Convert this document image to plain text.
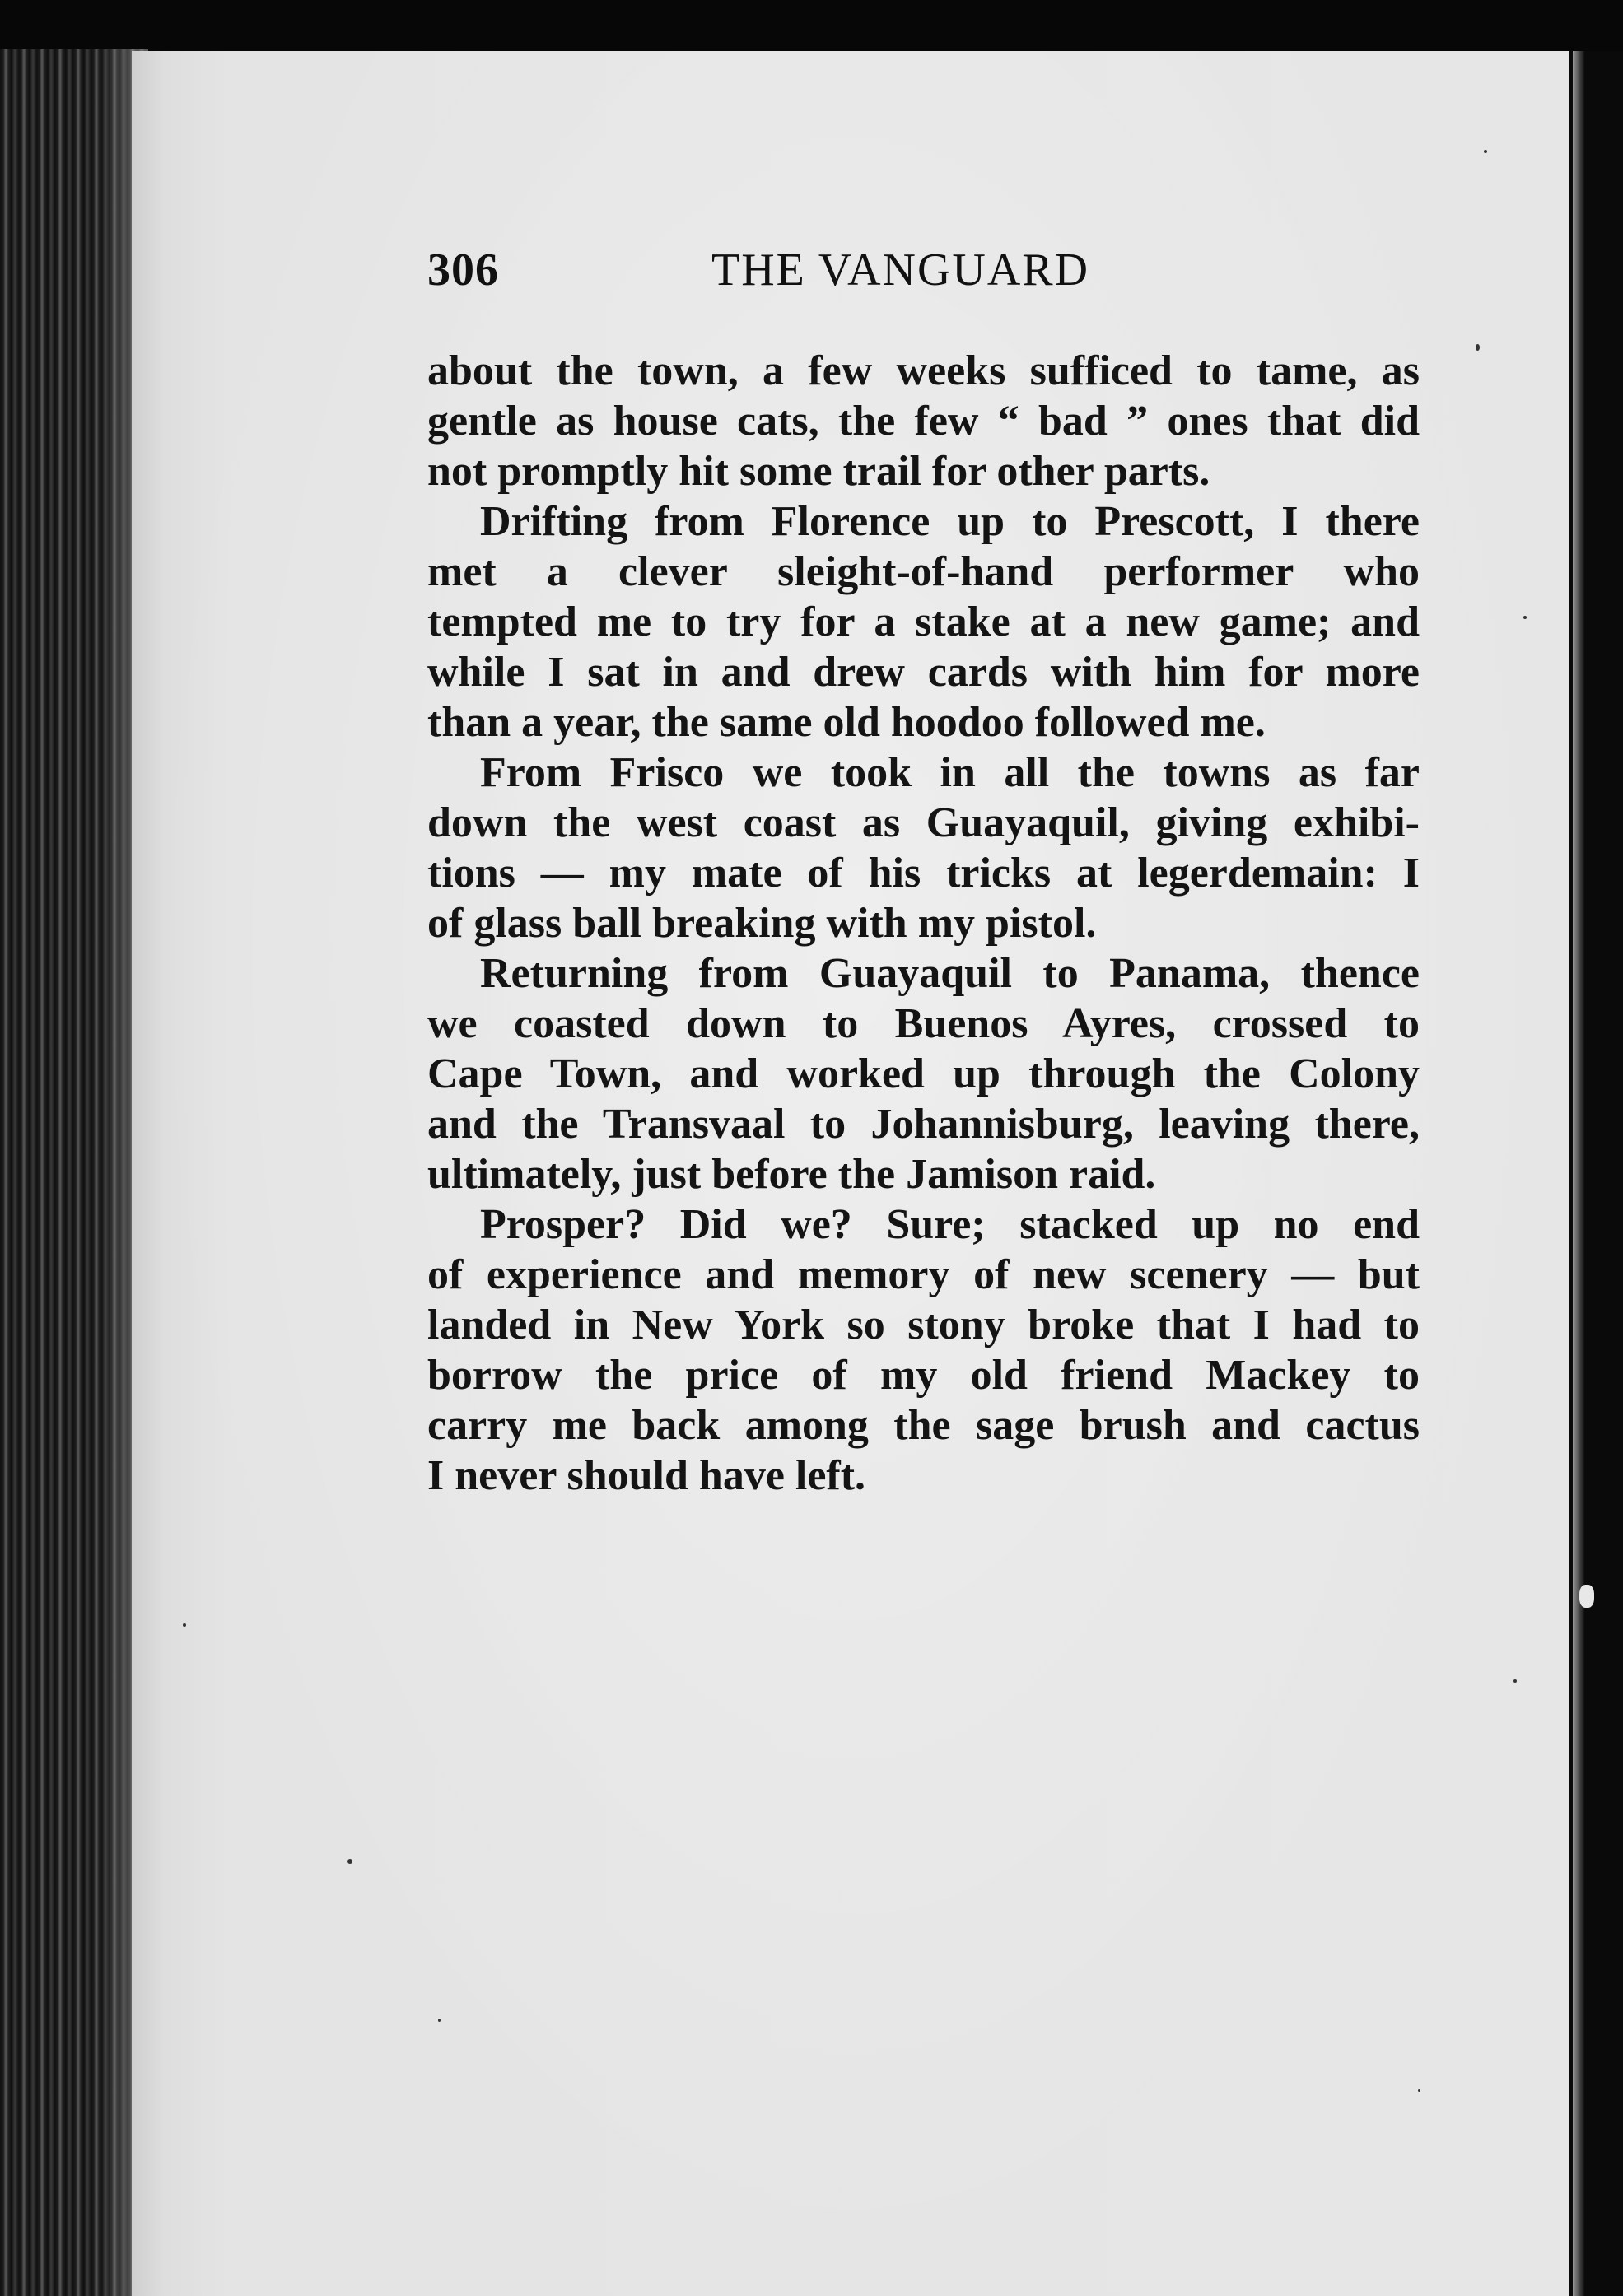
306	THE VANGUARD
about the town, a few weeks sufficed to tame, as
gentle as house cats, the few “ bad ” ones that did
not promptly hit some trail for other parts.
Drifting from Florence up to Prescott, I there
met a clever sleight-of-hand performer who
tempted me to try for a stake at a new game; and
while I sat in and drew cards with him for more
than a year, the same old hoodoo followed me.
From Frisco we took in all the towns as far
down the west coast as Guayaquil, giving exhibi-
tions — my mate of his tricks at legerdemain: I
of glass ball breaking with my pistol.
Returning from Guayaquil to Panama, thence
we coasted down to Buenos Ayres, crossed to
Cape Town, and worked up through the Colony
and the Transvaal to Johannisburg, leaving there,
ultimately, just before the Jamison raid.
Prosper? Did we? Sure; stacked up no end
of experience and memory of new scenery — but
landed in New York so stony broke that I had to
borrow the price of my old friend Mackey to
carry me back among the sage brush and cactus
I never should have left.
